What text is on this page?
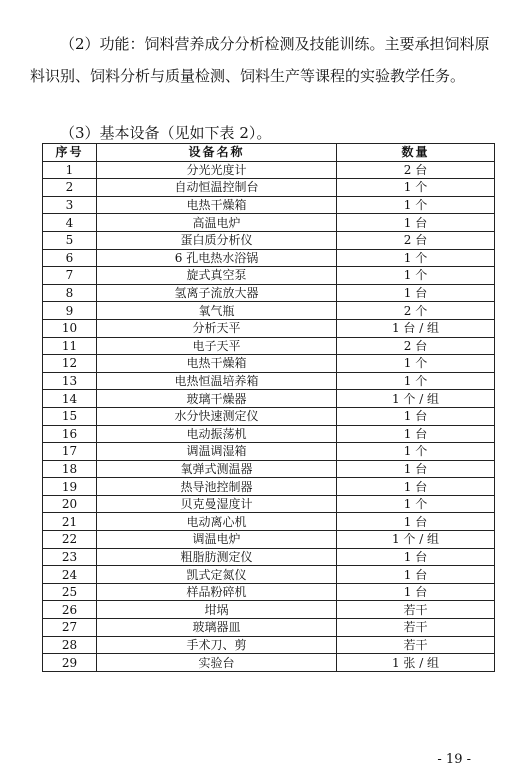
（2）功能：饲料营养成分分析检测及技能训练。主要承担饲料原料识别、饲料分析与质量检测、饲料生产等课程的实验教学任务。

（3）基本设备（见如下表 2）。

序号	设备名称	数量
1	分光光度计	2 台
2	自动恒温控制台	1 个
3	电热干燥箱	1 个
4	高温电炉	1 台
5	蛋白质分析仪	2 台
6	6 孔电热水浴锅	1 个
7	旋式真空泵	1 个
8	氢离子流放大器	1 台
9	氧气瓶	2 个
10	分析天平	1 台 / 组
11	电子天平	2 台
12	电热干燥箱	1 个
13	电热恒温培养箱	1 个
14	玻璃干燥器	1 个 / 组
15	水分快速测定仪	1 台
16	电动振荡机	1 台
17	调温调湿箱	1 个
18	氧弹式测温器	1 台
19	热导池控制器	1 台
20	贝克曼湿度计	1 个
21	电动离心机	1 台
22	调温电炉	1 个 / 组
23	粗脂肪测定仪	1 台
24	凯式定氮仪	1 台
25	样品粉碎机	1 台
26	坩埚	若干
27	玻璃器皿	若干
28	手术刀、剪	若干
29	实验台	1 张 / 组
- 19 -
